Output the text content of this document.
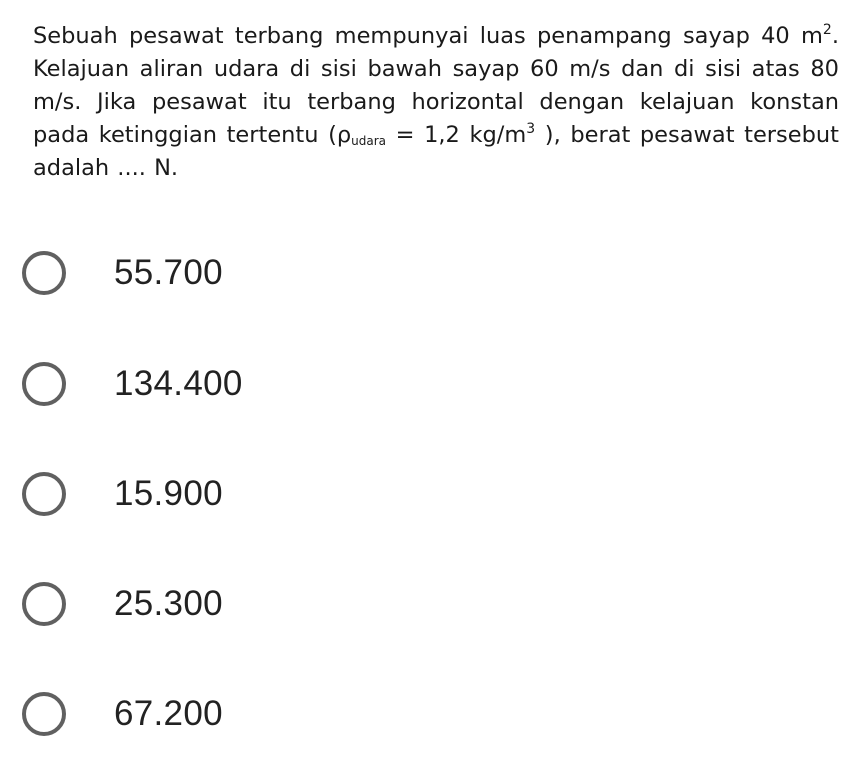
Sebuah pesawat terbang mempunyai luas penampang sayap 40 $m^2$. Kelajuan aliran udara di sisi bawah sayap 60 m/s dan di sisi atas 80 m/s. Jika pesawat itu terbang horizontal dengan kelajuan konstan pada ketinggian tertentu ($\rho_{udara} = 1,2$ $kg/m^3$ ), berat pesawat tersebut adalah .... N.

55.700
134.400
15.900
25.300
67.200
